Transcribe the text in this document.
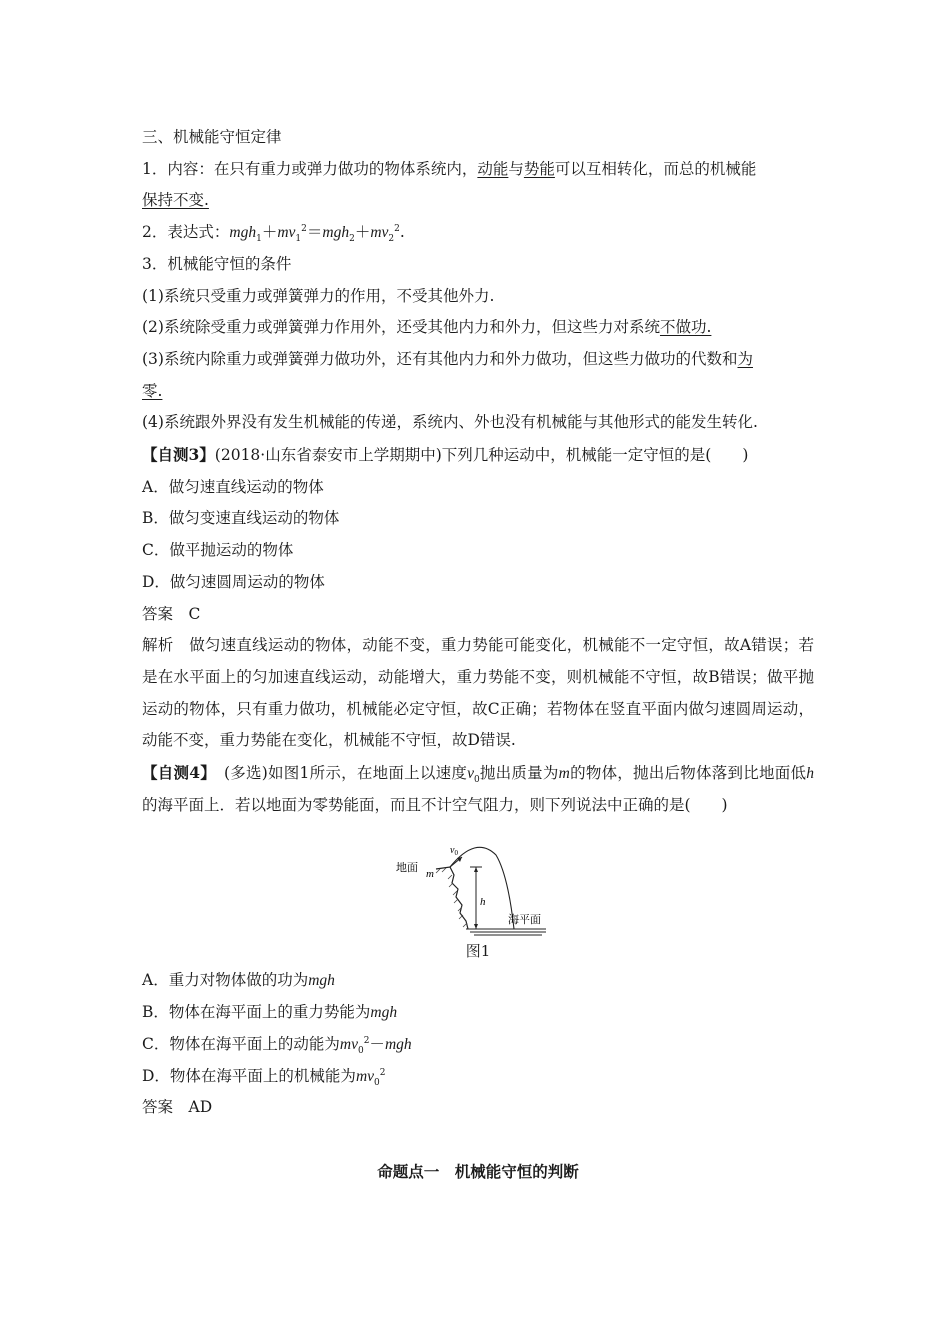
三、机械能守恒定律
1．内容：在只有重力或弹力做功的物体系统内，动能与势能可以互相转化，而总的机械能
保持不变.
2．表达式：$mgh_1+mv_1^2=mgh_2+mv_2^2$.
3．机械能守恒的条件
(1)系统只受重力或弹簧弹力的作用，不受其他外力.
(2)系统除受重力或弹簧弹力作用外，还受其他内力和外力，但这些力对系统不做功.
(3)系统内除重力或弹簧弹力做功外，还有其他内力和外力做功，但这些力做功的代数和为
零.
(4)系统跟外界没有发生机械能的传递，系统内、外也没有机械能与其他形式的能发生转化.
【自测3】(2018·山东省泰安市上学期期中)下列几种运动中，机械能一定守恒的是(　　)
A．做匀速直线运动的物体
B．做匀变速直线运动的物体
C．做平抛运动的物体
D．做匀速圆周运动的物体
答案　C
解析　做匀速直线运动的物体，动能不变，重力势能可能变化，机械能不一定守恒，故A错误；若是在水平面上的匀加速直线运动，动能增大，重力势能不变，则机械能不守恒，故B错误；做平抛运动的物体，只有重力做功，机械能必定守恒，故C正确；若物体在竖直平面内做匀速圆周运动，动能不变，重力势能在变化，机械能不守恒，故D错误.
【自测4】　(多选)如图1所示，在地面上以速度$v_0$抛出质量为m的物体，抛出后物体落到比地面低h的海平面上．若以地面为零势能面，而且不计空气阻力，则下列说法中正确的是(　　)
地面 m
$v_0$
h
海平面
图1
A．重力对物体做的功为mgh
B．物体在海平面上的重力势能为mgh
C．物体在海平面上的动能为$mv_0^2-mgh$
D．物体在海平面上的机械能为$mv_0^2$
答案　AD
命题点一　机械能守恒的判断
